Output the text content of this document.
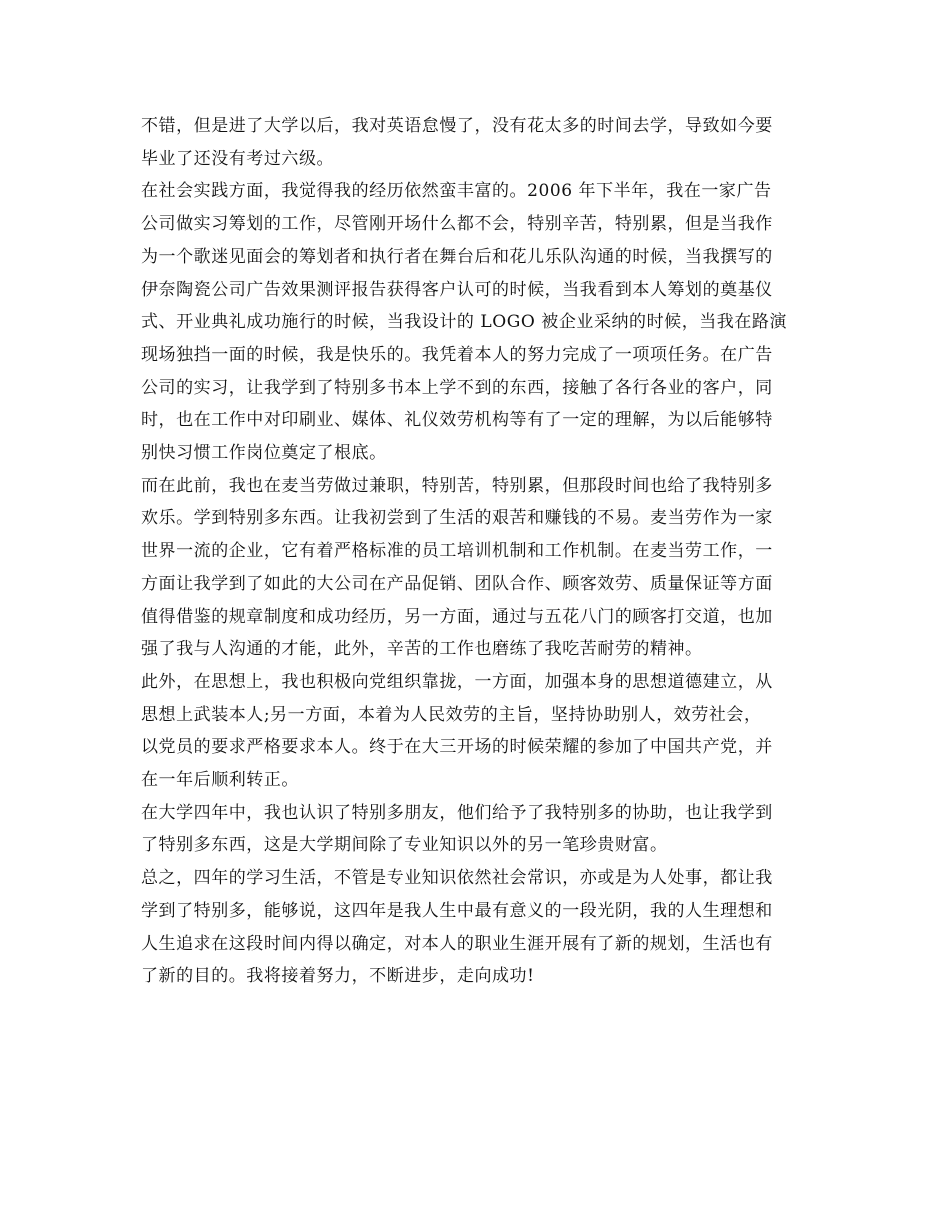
不错，但是进了大学以后，我对英语怠慢了，没有花太多的时间去学，导致如今要
毕业了还没有考过六级。
在社会实践方面，我觉得我的经历依然蛮丰富的。2006 年下半年，我在一家广告
公司做实习筹划的工作，尽管刚开场什么都不会，特别辛苦，特别累，但是当我作
为一个歌迷见面会的筹划者和执行者在舞台后和花儿乐队沟通的时候，当我撰写的
伊奈陶瓷公司广告效果测评报告获得客户认可的时候，当我看到本人筹划的奠基仪
式、开业典礼成功施行的时候，当我设计的 LOGO 被企业采纳的时候，当我在路演
现场独挡一面的时候，我是快乐的。我凭着本人的努力完成了一项项任务。在广告
公司的实习，让我学到了特别多书本上学不到的东西，接触了各行各业的客户，同
时，也在工作中对印刷业、媒体、礼仪效劳机构等有了一定的理解，为以后能够特
别快习惯工作岗位奠定了根底。
而在此前，我也在麦当劳做过兼职，特别苦，特别累，但那段时间也给了我特别多
欢乐。学到特别多东西。让我初尝到了生活的艰苦和赚钱的不易。麦当劳作为一家
世界一流的企业，它有着严格标准的员工培训机制和工作机制。在麦当劳工作，一
方面让我学到了如此的大公司在产品促销、团队合作、顾客效劳、质量保证等方面
值得借鉴的规章制度和成功经历，另一方面，通过与五花八门的顾客打交道，也加
强了我与人沟通的才能，此外，辛苦的工作也磨练了我吃苦耐劳的精神。
此外，在思想上，我也积极向党组织靠拢，一方面，加强本身的思想道德建立，从
思想上武装本人;另一方面，本着为人民效劳的主旨，坚持协助别人，效劳社会，
以党员的要求严格要求本人。终于在大三开场的时候荣耀的参加了中国共产党，并
在一年后顺利转正。
在大学四年中，我也认识了特别多朋友，他们给予了我特别多的协助，也让我学到
了特别多东西，这是大学期间除了专业知识以外的另一笔珍贵财富。
总之，四年的学习生活，不管是专业知识依然社会常识，亦或是为人处事，都让我
学到了特别多，能够说，这四年是我人生中最有意义的一段光阴，我的人生理想和
人生追求在这段时间内得以确定，对本人的职业生涯开展有了新的规划，生活也有
了新的目的。我将接着努力，不断进步，走向成功!
